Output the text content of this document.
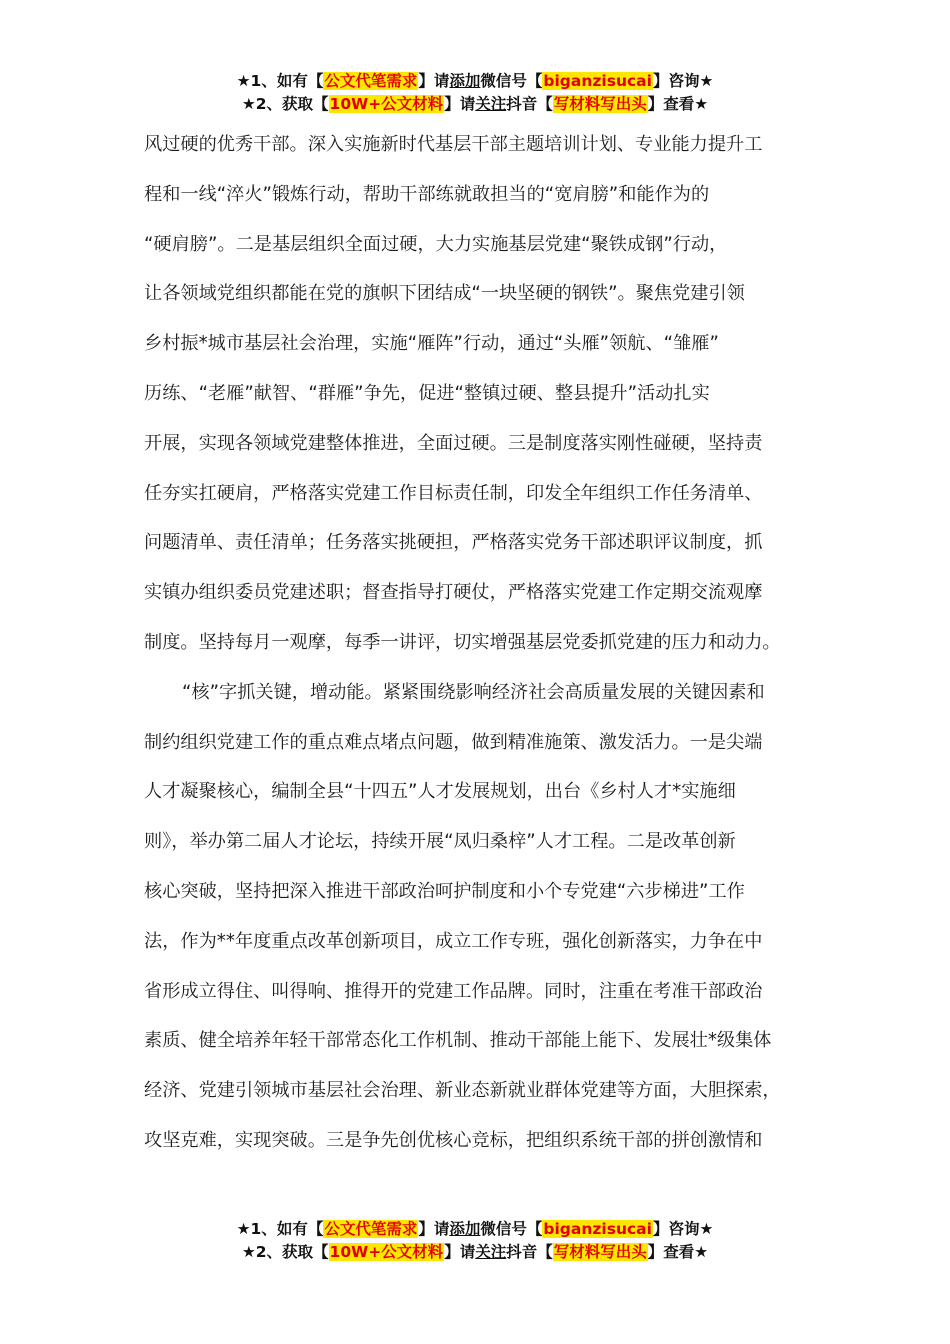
★1、如有【公文代笔需求】请添加微信号【biganzisucai】咨询★
★2、获取【10W+公文材料】请关注抖音【写材料写出头】查看★
风过硬的优秀干部。深入实施新时代基层干部主题培训计划、专业能力提升工
程和一线“淬火”锻炼行动，帮助干部练就敢担当的“宽肩膀”和能作为的
“硬肩膀”。二是基层组织全面过硬，大力实施基层党建“聚铁成钢”行动，
让各领域党组织都能在党的旗帜下团结成“一块坚硬的钢铁”。聚焦党建引领
乡村振*城市基层社会治理，实施“雁阵”行动，通过“头雁”领航、“雏雁”
历练、“老雁”献智、“群雁”争先，促进“整镇过硬、整县提升”活动扎实
开展，实现各领域党建整体推进，全面过硬。三是制度落实刚性碰硬，坚持责
任夯实扛硬肩，严格落实党建工作目标责任制，印发全年组织工作任务清单、
问题清单、责任清单；任务落实挑硬担，严格落实党务干部述职评议制度，抓
实镇办组织委员党建述职；督查指导打硬仗，严格落实党建工作定期交流观摩
制度。坚持每月一观摩，每季一讲评，切实增强基层党委抓党建的压力和动力。
“核”字抓关键，增动能。紧紧围绕影响经济社会高质量发展的关键因素和
制约组织党建工作的重点难点堵点问题，做到精准施策、激发活力。一是尖端
人才凝聚核心，编制全县“十四五”人才发展规划，出台《乡村人才*实施细
则》，举办第二届人才论坛，持续开展“凤归桑梓”人才工程。二是改革创新
核心突破，坚持把深入推进干部政治呵护制度和小个专党建“六步梯进”工作
法，作为**年度重点改革创新项目，成立工作专班，强化创新落实，力争在中
省形成立得住、叫得响、推得开的党建工作品牌。同时，注重在考准干部政治
素质、健全培养年轻干部常态化工作机制、推动干部能上能下、发展壮*级集体
经济、党建引领城市基层社会治理、新业态新就业群体党建等方面，大胆探索，
攻坚克难，实现突破。三是争先创优核心竞标，把组织系统干部的拼创激情和
★1、如有【公文代笔需求】请添加微信号【biganzisucai】咨询★
★2、获取【10W+公文材料】请关注抖音【写材料写出头】查看★
